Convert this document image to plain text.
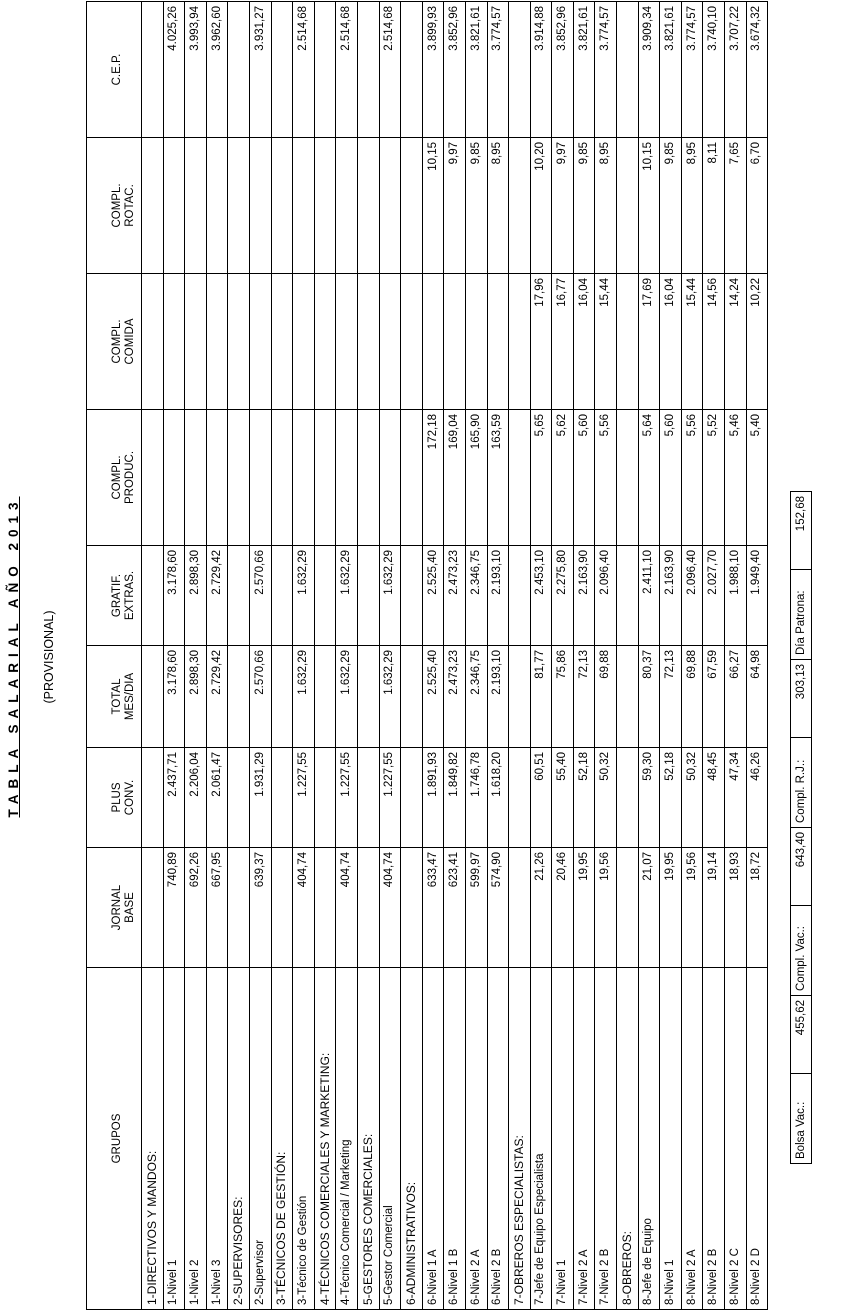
TABLA SALARIAL AÑO 2013 (PROVISIONAL)
GRUPOS	JORNAL BASE	PLUS CONV.	TOTAL MES/DIA	GRATIF. EXTRAS.	COMPL. PRODUC.	COMPL. COMIDA	COMPL. ROTAC.	C.E.P.

1-DIRECTIVOS Y MANDOS:								
1-Nivel 1	740,89	2.437,71	3.178,60	3.178,60				4.025,26
1-Nivel 2	692,26	2.206,04	2.898,30	2.898,30				3.993,94
1-Nivel 3	667,95	2.061,47	2.729,42	2.729,42				3.962,60
2-SUPERVISORES:								
2-Supervisor	639,37	1.931,29	2.570,66	2.570,66				3.931,27
3-TÉCNICOS DE GESTIÓN:								
3-Técnico de Gestión	404,74	1.227,55	1.632,29	1.632,29				2.514,68
4-TÉCNICOS COMERCIALES Y MARKETING:								
4-Técnico Comercial / Marketing	404,74	1.227,55	1.632,29	1.632,29				2.514,68
5-GESTORES COMERCIALES:								
5-Gestor Comercial	404,74	1.227,55	1.632,29	1.632,29				2.514,68
6-ADMINISTRATIVOS:								
6-Nivel 1 A	633,47	1.891,93	2.525,40	2.525,40	172,18		10,15	3.899,93
6-Nivel 1 B	623,41	1.849,82	2.473,23	2.473,23	169,04		9,97	3.852,96
6-Nivel 2 A	599,97	1.746,78	2.346,75	2.346,75	165,90		9,85	3.821,61
6-Nivel 2 B	574,90	1.618,20	2.193,10	2.193,10	163,59		8,95	3.774,57
7-OBREROS ESPECIALISTAS:								
7-Jefe de Equipo Especialista	21,26	60,51	81,77	2.453,10	5,65	17,96	10,20	3.914,88
7-Nivel 1	20,46	55,40	75,86	2.275,80	5,62	16,77	9,97	3.852,96
7-Nivel 2 A	19,95	52,18	72,13	2.163,90	5,60	16,04	9,85	3.821,61
7-Nivel 2 B	19,56	50,32	69,88	2.096,40	5,56	15,44	8,95	3.774,57
8-OBREROS:								
8-Jefe de Equipo	21,07	59,30	80,37	2.411,10	5,64	17,69	10,15	3.909,34
8-Nivel 1	19,95	52,18	72,13	2.163,90	5,60	16,04	9,85	3.821,61
8-Nivel 2 A	19,56	50,32	69,88	2.096,40	5,56	15,44	8,95	3.774,57
8-Nivel 2 B	19,14	48,45	67,59	2.027,70	5,52	14,56	8,11	3.740,10
8-Nivel 2 C	18,93	47,34	66,27	1.988,10	5,46	14,24	7,65	3.707,22
8-Nivel 2 D	18,72	46,26	64,98	1.949,40	5,40	10,22	6,70	3.674,32
Bolsa Vac.:	455,62	Compl. Vac.:	643,40	Compl. R.J.:	303,13	Día Patrona:	152,68
